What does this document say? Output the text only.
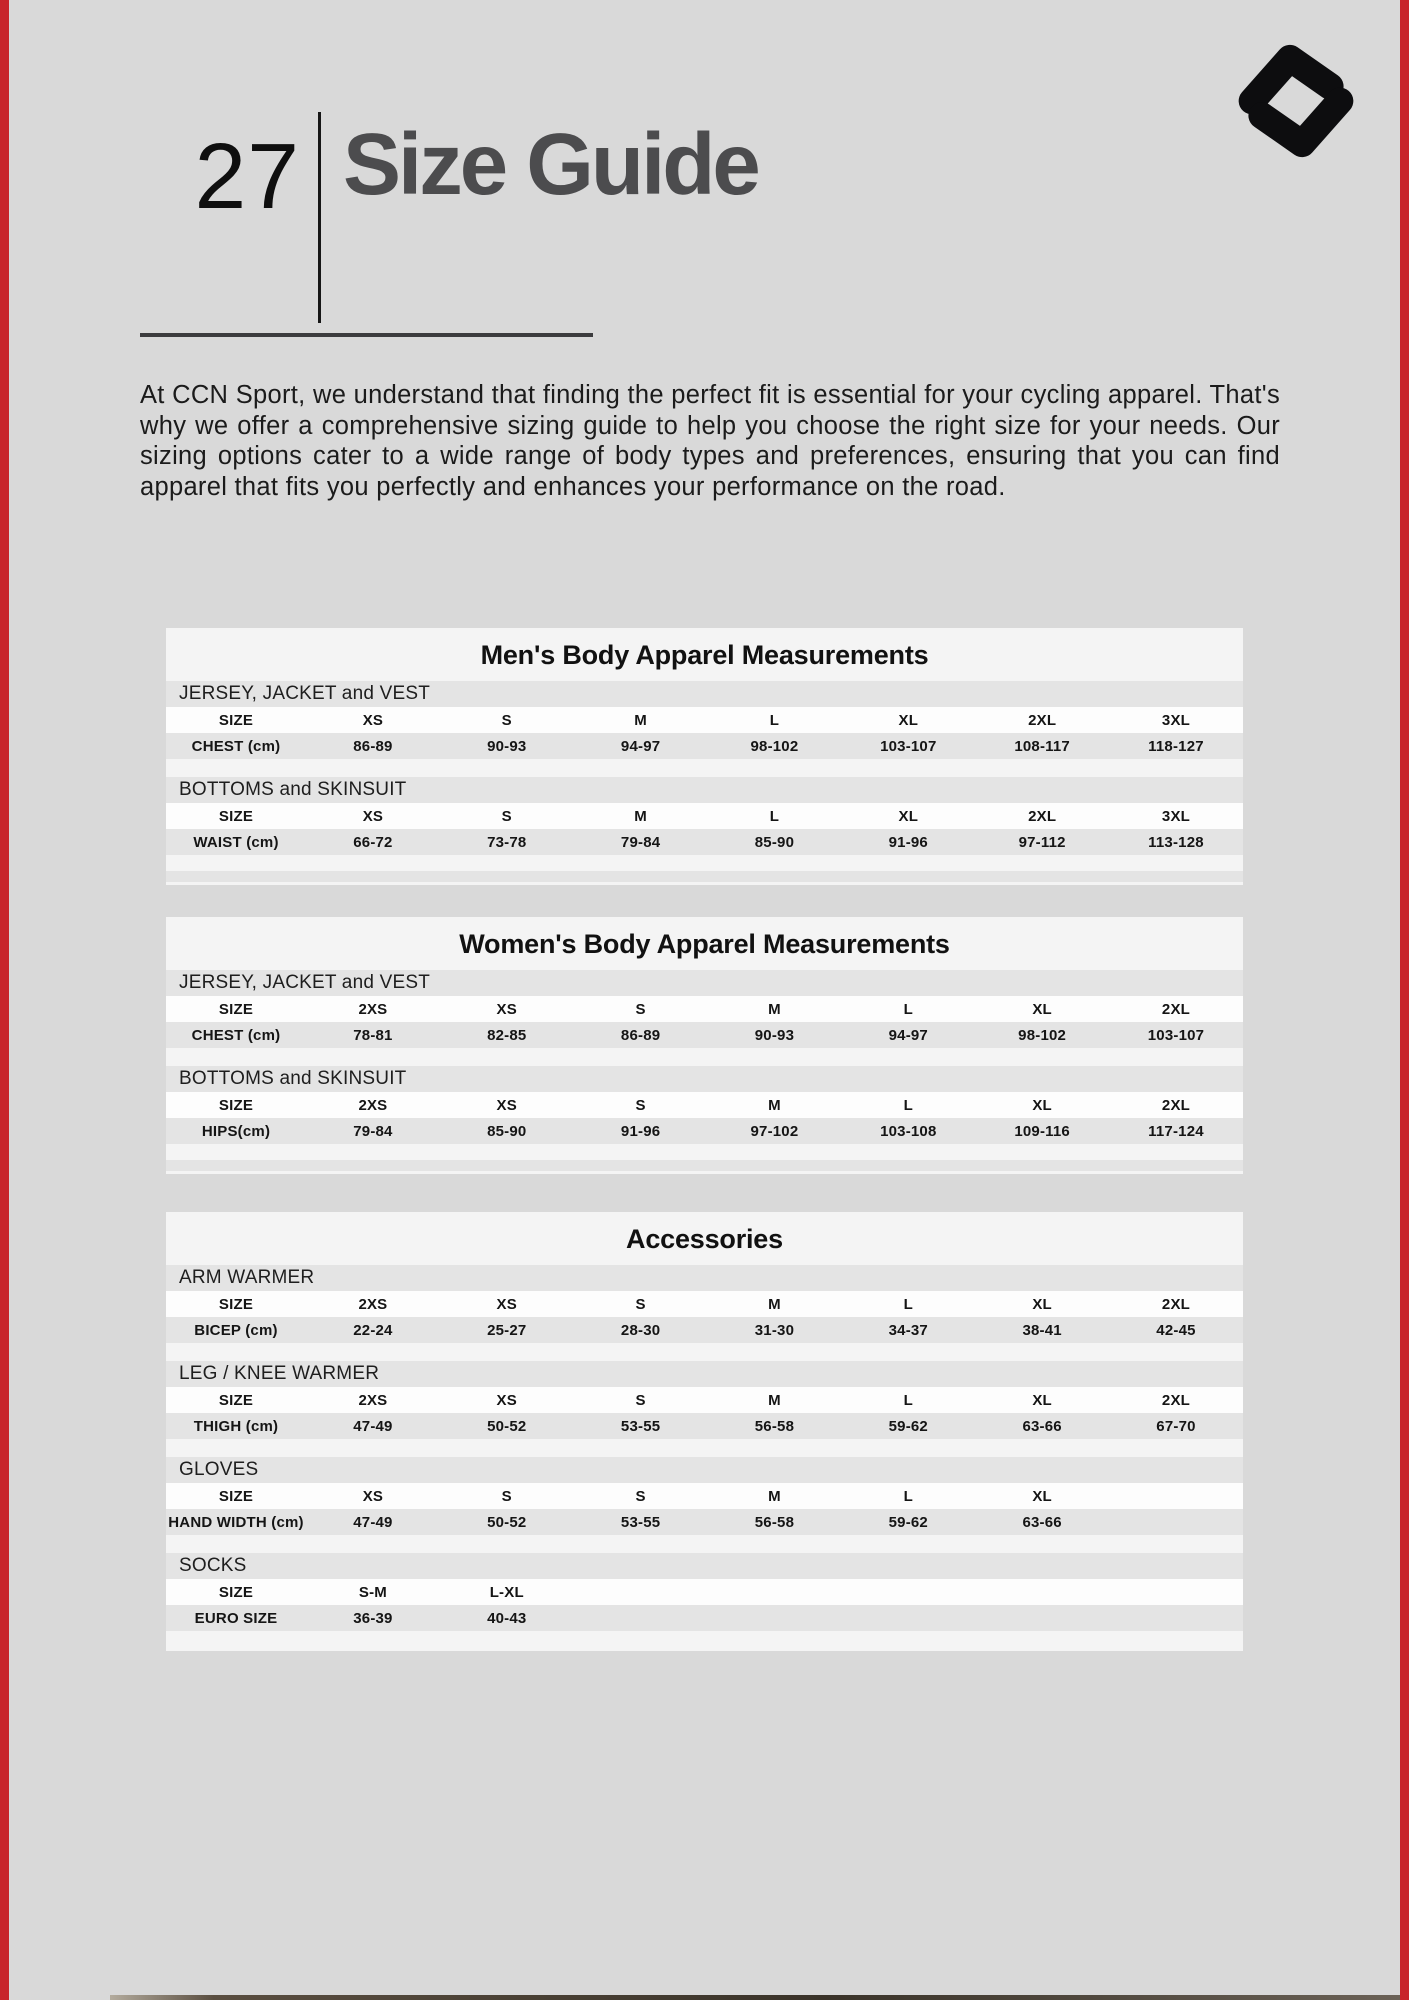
27 Size Guide
At CCN Sport, we understand that finding the perfect fit is essential for your cycling apparel. That's why we offer a comprehensive sizing guide to help you choose the right size for your needs. Our sizing options cater to a wide range of body types and preferences, ensuring that you can find apparel that fits you perfectly and enhances your performance on the road.
Men's Body Apparel Measurements
JERSEY, JACKET and VEST
SIZE	XS	S	M	L	XL	2XL	3XL
CHEST (cm)	86-89	90-93	94-97	98-102	103-107	108-117	118-127
BOTTOMS and SKINSUIT
SIZE	XS	S	M	L	XL	2XL	3XL
WAIST (cm)	66-72	73-78	79-84	85-90	91-96	97-112	113-128
Women's Body Apparel Measurements
JERSEY, JACKET and VEST
SIZE	2XS	XS	S	M	L	XL	2XL
CHEST (cm)	78-81	82-85	86-89	90-93	94-97	98-102	103-107
BOTTOMS and SKINSUIT
SIZE	2XS	XS	S	M	L	XL	2XL
HIPS(cm)	79-84	85-90	91-96	97-102	103-108	109-116	117-124
Accessories
ARM WARMER
SIZE	2XS	XS	S	M	L	XL	2XL
BICEP (cm)	22-24	25-27	28-30	31-30	34-37	38-41	42-45
LEG / KNEE WARMER
SIZE	2XS	XS	S	M	L	XL	2XL
THIGH (cm)	47-49	50-52	53-55	56-58	59-62	63-66	67-70
GLOVES
SIZE	XS	S	S	M	L	XL
HAND WIDTH (cm)	47-49	50-52	53-55	56-58	59-62	63-66
SOCKS
SIZE	S-M	L-XL
EURO SIZE	36-39	40-43
